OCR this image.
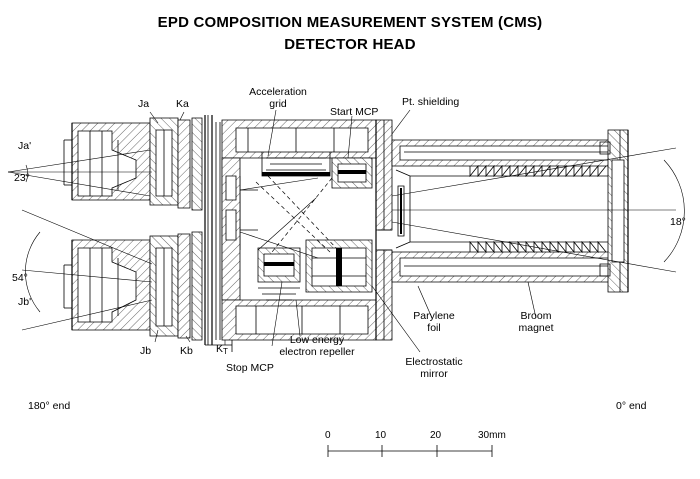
EPD COMPOSITION MEASUREMENT SYSTEM (CMS)
DETECTOR HEAD
Ja	Ka
Ja'
23°
54°
Jb'
Jb	Kb KT
Acceleration
grid
Start MCP
Pt. shielding
18°
Parylene
foil
Broom
magnet
Low energy
electron repeller
Stop MCP	Electrostatic
mirror
180° end	0° end
0	10	20	30mm
